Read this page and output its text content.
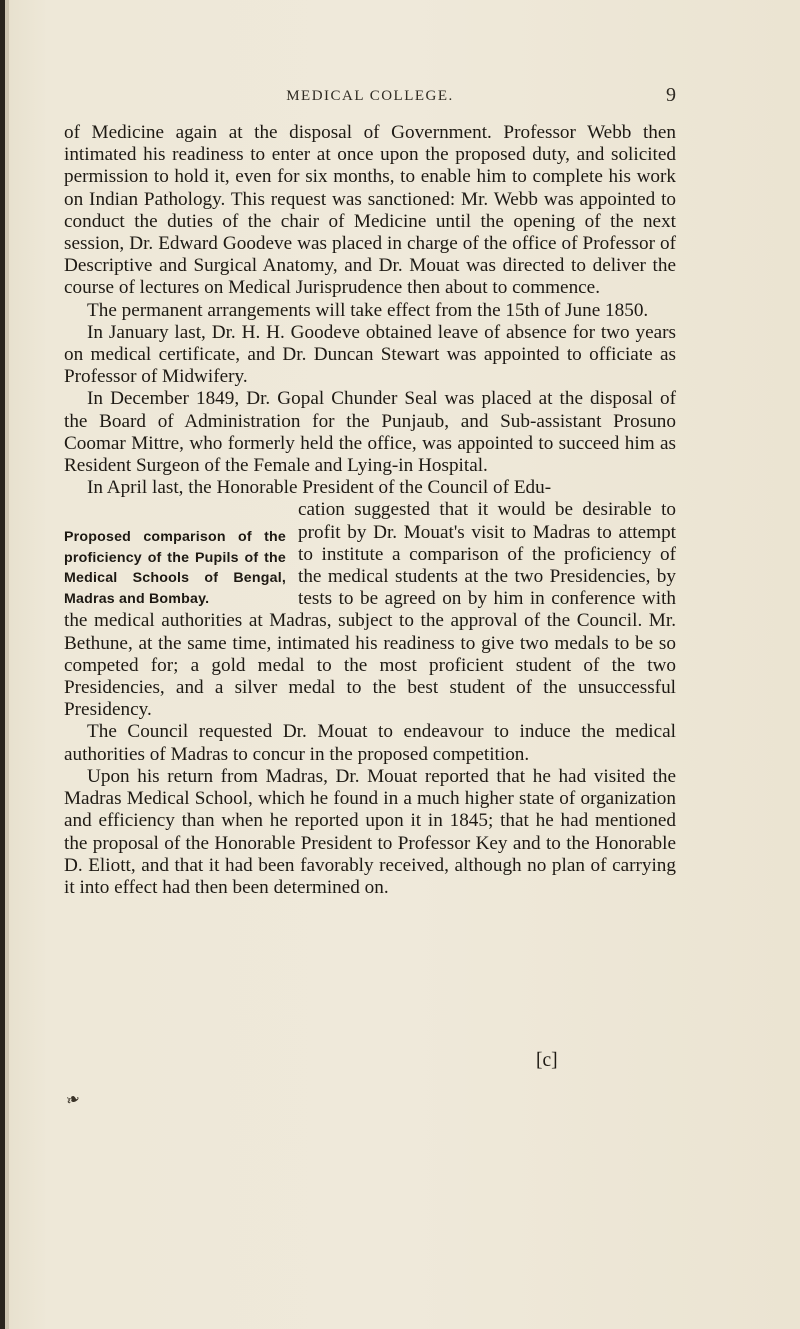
MEDICAL COLLEGE.	9

of Medicine again at the disposal of Government. Professor Webb then intimated his readiness to enter at once upon the proposed duty, and solicited permission to hold it, even for six months, to enable him to complete his work on Indian Pathology. This request was sanctioned: Mr. Webb was appointed to conduct the duties of the chair of Medicine until the opening of the next session, Dr. Edward Goodeve was placed in charge of the office of Professor of Descriptive and Surgical Anatomy, and Dr. Mouat was directed to deliver the course of lectures on Medical Jurisprudence then about to commence.

The permanent arrangements will take effect from the 15th of June 1850.

In January last, Dr. H. H. Goodeve obtained leave of absence for two years on medical certificate, and Dr. Duncan Stewart was appointed to officiate as Professor of Midwifery.

In December 1849, Dr. Gopal Chunder Seal was placed at the disposal of the Board of Administration for the Punjaub, and Sub-assistant Prosuno Coomar Mittre, who formerly held the office, was appointed to succeed him as Resident Surgeon of the Female and Lying-in Hospital.

In April last, the Honorable President of the Council of Edu-

Proposed comparison of the proficiency of the Pupils of the Medical Schools of Bengal, Madras and Bombay.

cation suggested that it would be desirable to profit by Dr. Mouat's visit to Madras to attempt to institute a comparison of the proficiency of the medical students at the two Presidencies, by tests to be agreed on by him in conference with the medical authorities at Madras, subject to the approval of the Council. Mr. Bethune, at the same time, intimated his readiness to give two medals to be so competed for; a gold medal to the most proficient student of the two Presidencies, and a silver medal to the best student of the unsuccessful Presidency.

The Council requested Dr. Mouat to endeavour to induce the medical authorities of Madras to concur in the proposed competition.

Upon his return from Madras, Dr. Mouat reported that he had visited the Madras Medical School, which he found in a much higher state of organization and efficiency than when he reported upon it in 1845; that he had mentioned the proposal of the Honorable President to Professor Key and to the Honorable D. Eliott, and that it had been favorably received, although no plan of carrying it into effect had then been determined on.

[c]
❧
